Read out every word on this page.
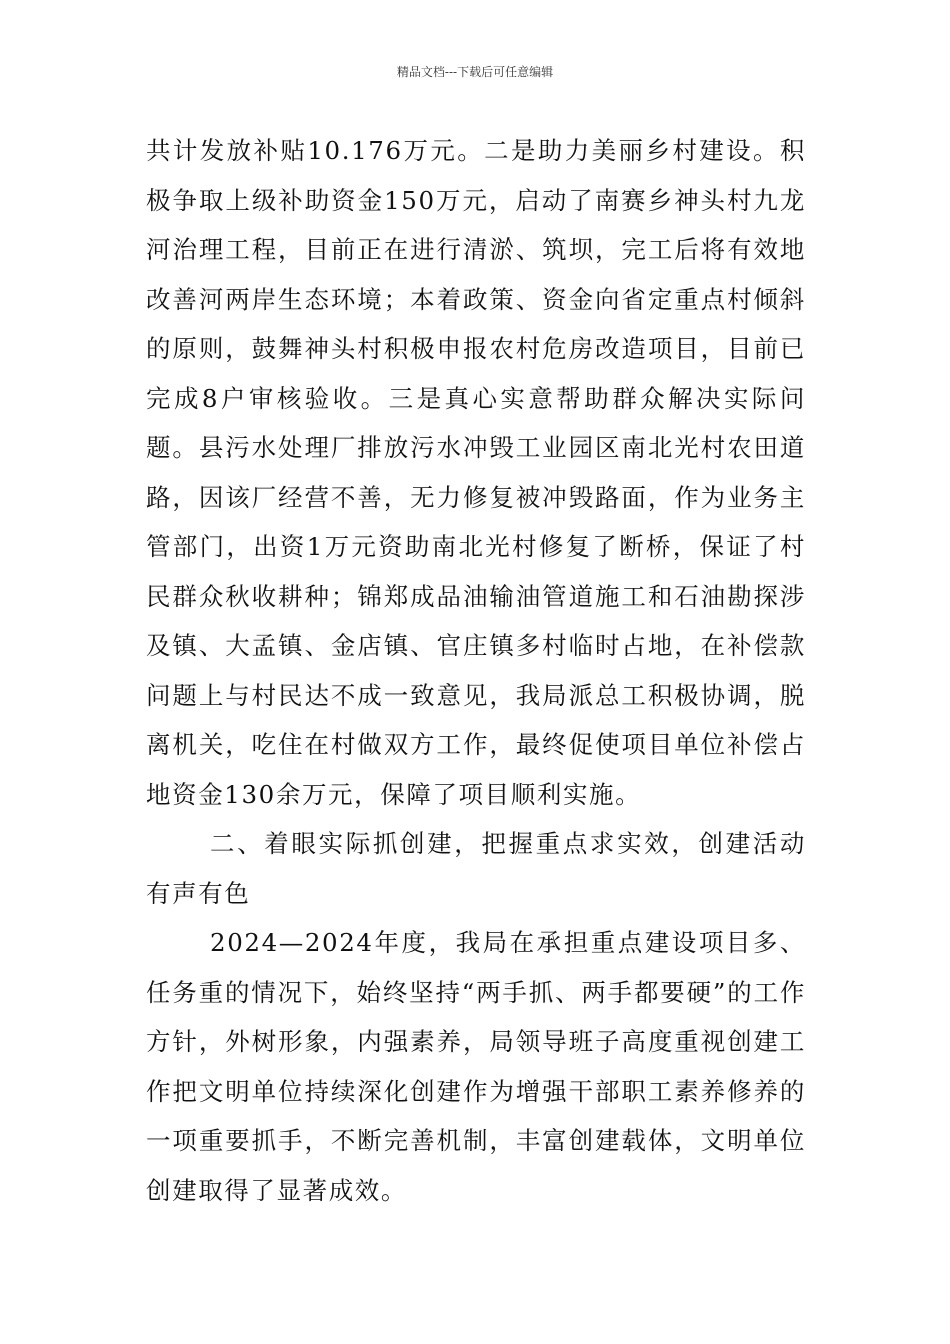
精品文档---下载后可任意编辑

共计发放补贴10.176万元。二是助力美丽乡村建设。积极争取上级补助资金150万元，启动了南赛乡神头村九龙河治理工程，目前正在进行清淤、筑坝，完工后将有效地改善河两岸生态环境；本着政策、资金向省定重点村倾斜的原则，鼓舞神头村积极申报农村危房改造项目，目前已完成8户审核验收。三是真心实意帮助群众解决实际问题。县污水处理厂排放污水冲毁工业园区南北光村农田道路，因该厂经营不善，无力修复被冲毁路面，作为业务主管部门，出资1万元资助南北光村修复了断桥，保证了村民群众秋收耕种；锦郑成品油输油管道施工和石油勘探涉及镇、大孟镇、金店镇、官庄镇多村临时占地，在补偿款问题上与村民达不成一致意见，我局派总工积极协调，脱离机关，吃住在村做双方工作，最终促使项目单位补偿占地资金130余万元，保障了项目顺利实施。

二、着眼实际抓创建，把握重点求实效，创建活动有声有色

2024—2024年度，我局在承担重点建设项目多、任务重的情况下，始终坚持“两手抓、两手都要硬”的工作方针，外树形象，内强素养，局领导班子高度重视创建工作把文明单位持续深化创建作为增强干部职工素养修养的一项重要抓手，不断完善机制，丰富创建载体，文明单位创建取得了显著成效。
